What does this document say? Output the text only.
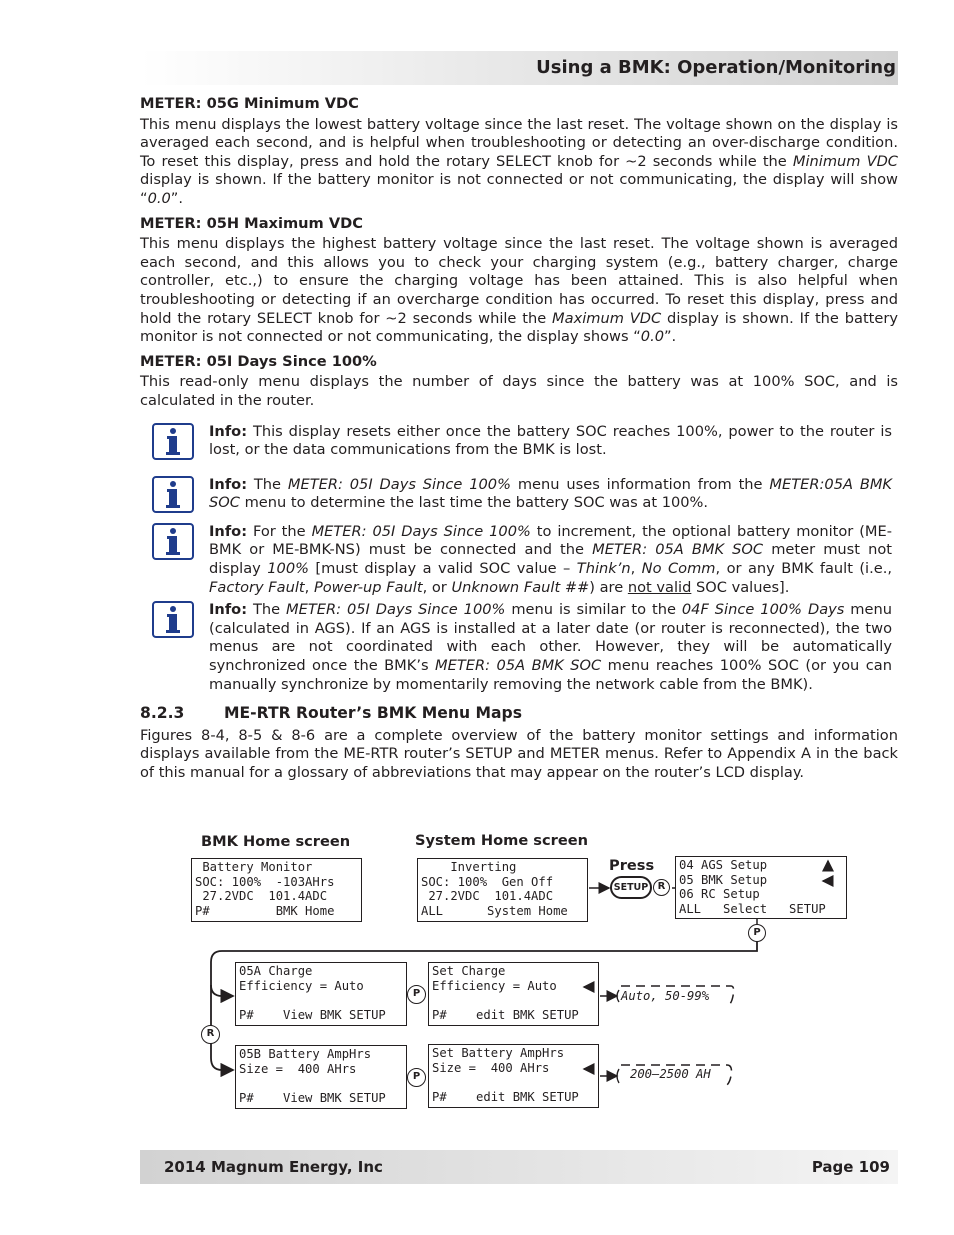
Using a BMK: Operation/Monitoring

METER: 05G Minimum VDC

This menu displays the lowest battery voltage since the last reset. The voltage shown on the display is averaged each second, and is helpful when troubleshooting or detecting an over-discharge condition. To reset this display, press and hold the rotary SELECT knob for ~2 seconds while the Minimum VDC display is shown. If the battery monitor is not connected or not communicating, the display will show “0.0”.

METER: 05H Maximum VDC

This menu displays the highest battery voltage since the last reset. The voltage shown is averaged each second, and this allows you to check your charging system (e.g., battery charger, charge controller, etc.,) to ensure the charging voltage has been attained. This is also helpful when troubleshooting or detecting if an overcharge condition has occurred. To reset this display, press and hold the rotary SELECT knob for ~2 seconds while the Maximum VDC display is shown. If the battery monitor is not connected or not communicating, the display shows “0.0”.

METER: 05I Days Since 100%

This read-only menu displays the number of days since the battery was at 100% SOC, and is calculated in the router.

Info: This display resets either once the battery SOC reaches 100%, power to the router is lost, or the data communications from the BMK is lost.
Info: The METER: 05I Days Since 100% menu uses information from the METER:05A BMK SOC menu to determine the last time the battery SOC was at 100%.
Info: For the METER: 05I Days Since 100% to increment, the optional battery monitor (ME-BMK or ME-BMK-NS) must be connected and the METER: 05A BMK SOC meter must not display 100% [must display a valid SOC value – Think’n, No Comm, or any BMK fault (i.e., Factory Fault, Power-up Fault, or Unknown Fault ##) are not valid SOC values].
Info: The METER: 05I Days Since 100% menu is similar to the 04F Since 100% Days menu (calculated in AGS). If an AGS is installed at a later date (or router is reconnected), the two menus are not coordinated with each other. However, they will be automatically synchronized once the BMK’s METER: 05A BMK SOC menu reaches 100% SOC (or you can manually synchronize by momentarily removing the network cable from the BMK).
8.2.3	ME-RTR Router’s BMK Menu Maps

Figures 8-4, 8-5 & 8-6 are a complete overview of the battery monitor settings and information displays available from the ME-RTR router’s SETUP and METER menus. Refer to Appendix A in the back of this manual for a glossary of abbreviations that may appear on the router’s LCD display.

BMK Home screen	System Home screen
Press
Battery Monitor
SOC: 100%  -103AHrs
27.2VDC  101.4ADC
P#         BMK Home
Inverting
SOC: 100%  Gen Off
27.2VDC  101.4ADC
ALL      System Home
04 AGS Setup
05 BMK Setup
06 RC Setup
ALL   Select   SETUP
05A Charge
Efficiency = Auto

P#    View BMK SETUP
Set Charge
Efficiency = Auto

P#    edit BMK SETUP
05B Battery AmpHrs
Size =  400 AHrs

P#    View BMK SETUP
Set Battery AmpHrs
Size =  400 AHrs

P#    edit BMK SETUP
SETUP R
P
R
P
P
Auto, 50-99%
200–2500 AH
2014 Magnum Energy, Inc	Page 109
